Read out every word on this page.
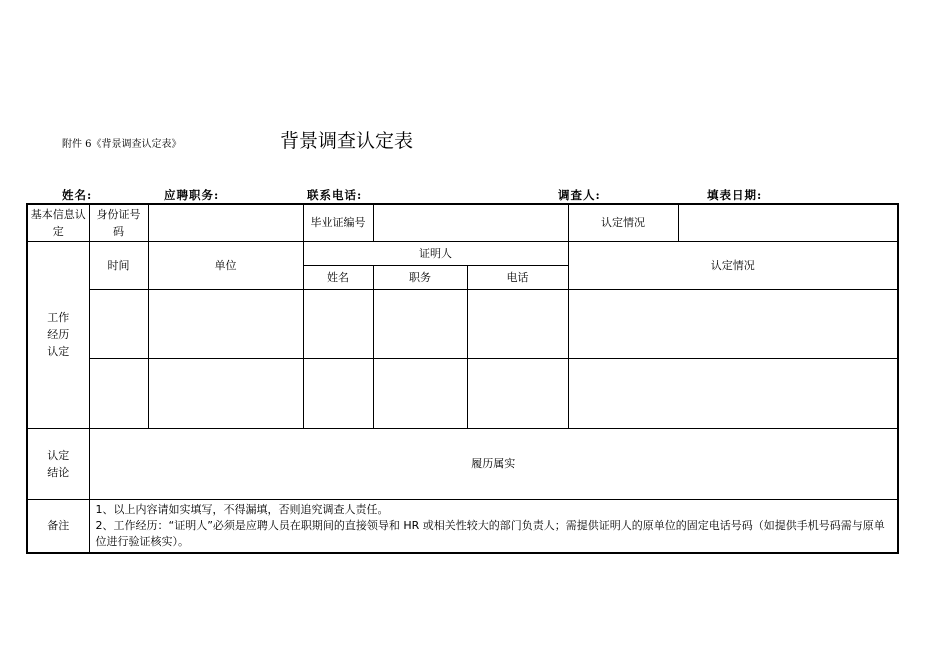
附件 6《背景调查认定表》	背景调查认定表
姓名:	应聘职务:	联系电话:	调查人:	填表日期:
基本信息认定	身份证号码		毕业证编号			认定情况	
工作经历认定	时间	单位	证明人			认定情况	
			姓名	职务	电话		

认定结论	履历属实						
备注	1、以上内容请如实填写，不得漏填，否则追究调查人责任。
2、工作经历：“证明人”必须是应聘人员在职期间的直接领导和 HR 或相关性较大的部门负责人；需提供证明人的原单位的固定电话号码（如提供手机号码需与原单位进行验证核实）。						
